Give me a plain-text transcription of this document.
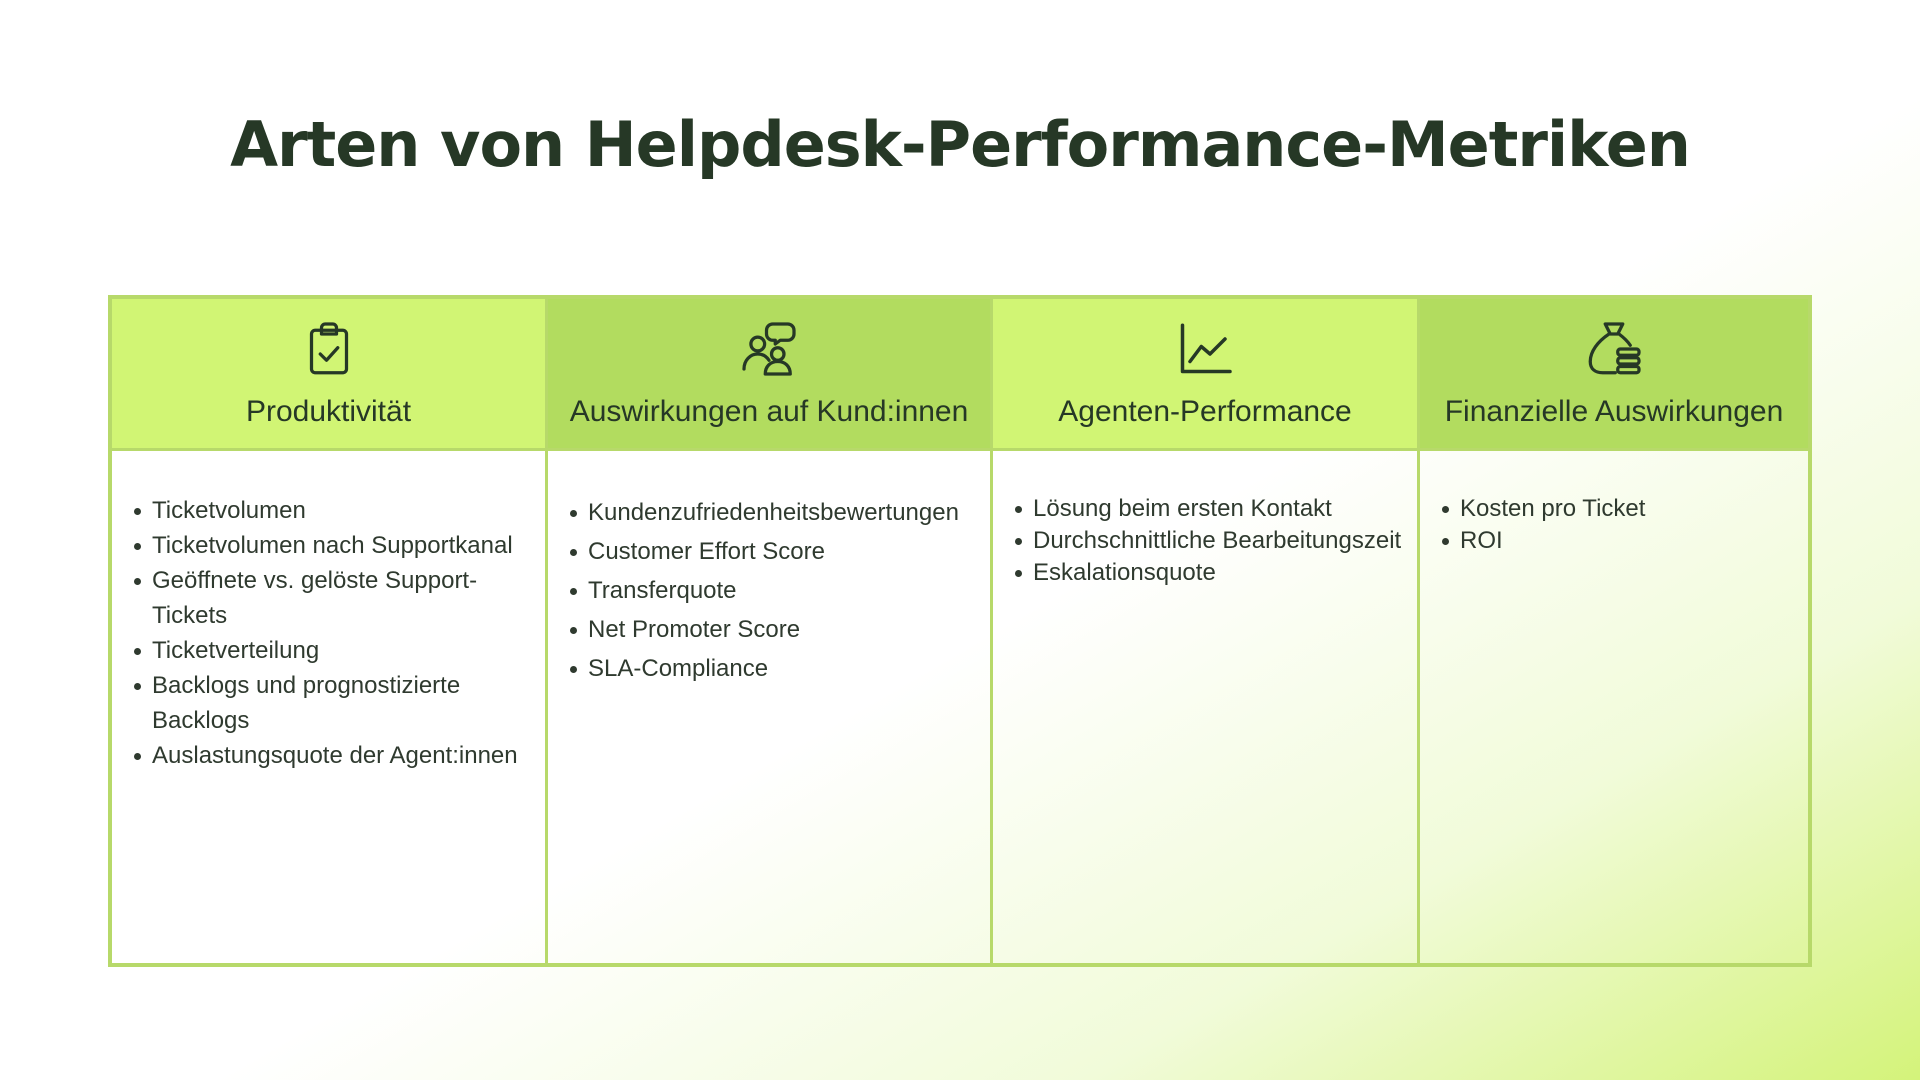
Arten von Helpdesk-Performance-Metriken
Produktivität
Ticketvolumen
Ticketvolumen nach Supportkanal
Geöffnete vs. gelöste Support-Tickets
Ticketverteilung
Backlogs und prognostizierte Backlogs
Auslastungsquote der Agent:innen
Auswirkungen auf Kund:innen
Kundenzufriedenheitsbewertungen
Customer Effort Score
Transferquote
Net Promoter Score
SLA-Compliance
Agenten-Performance
Lösung beim ersten Kontakt
Durchschnittliche Bearbeitungszeit
Eskalationsquote
Finanzielle Auswirkungen
Kosten pro Ticket
ROI
